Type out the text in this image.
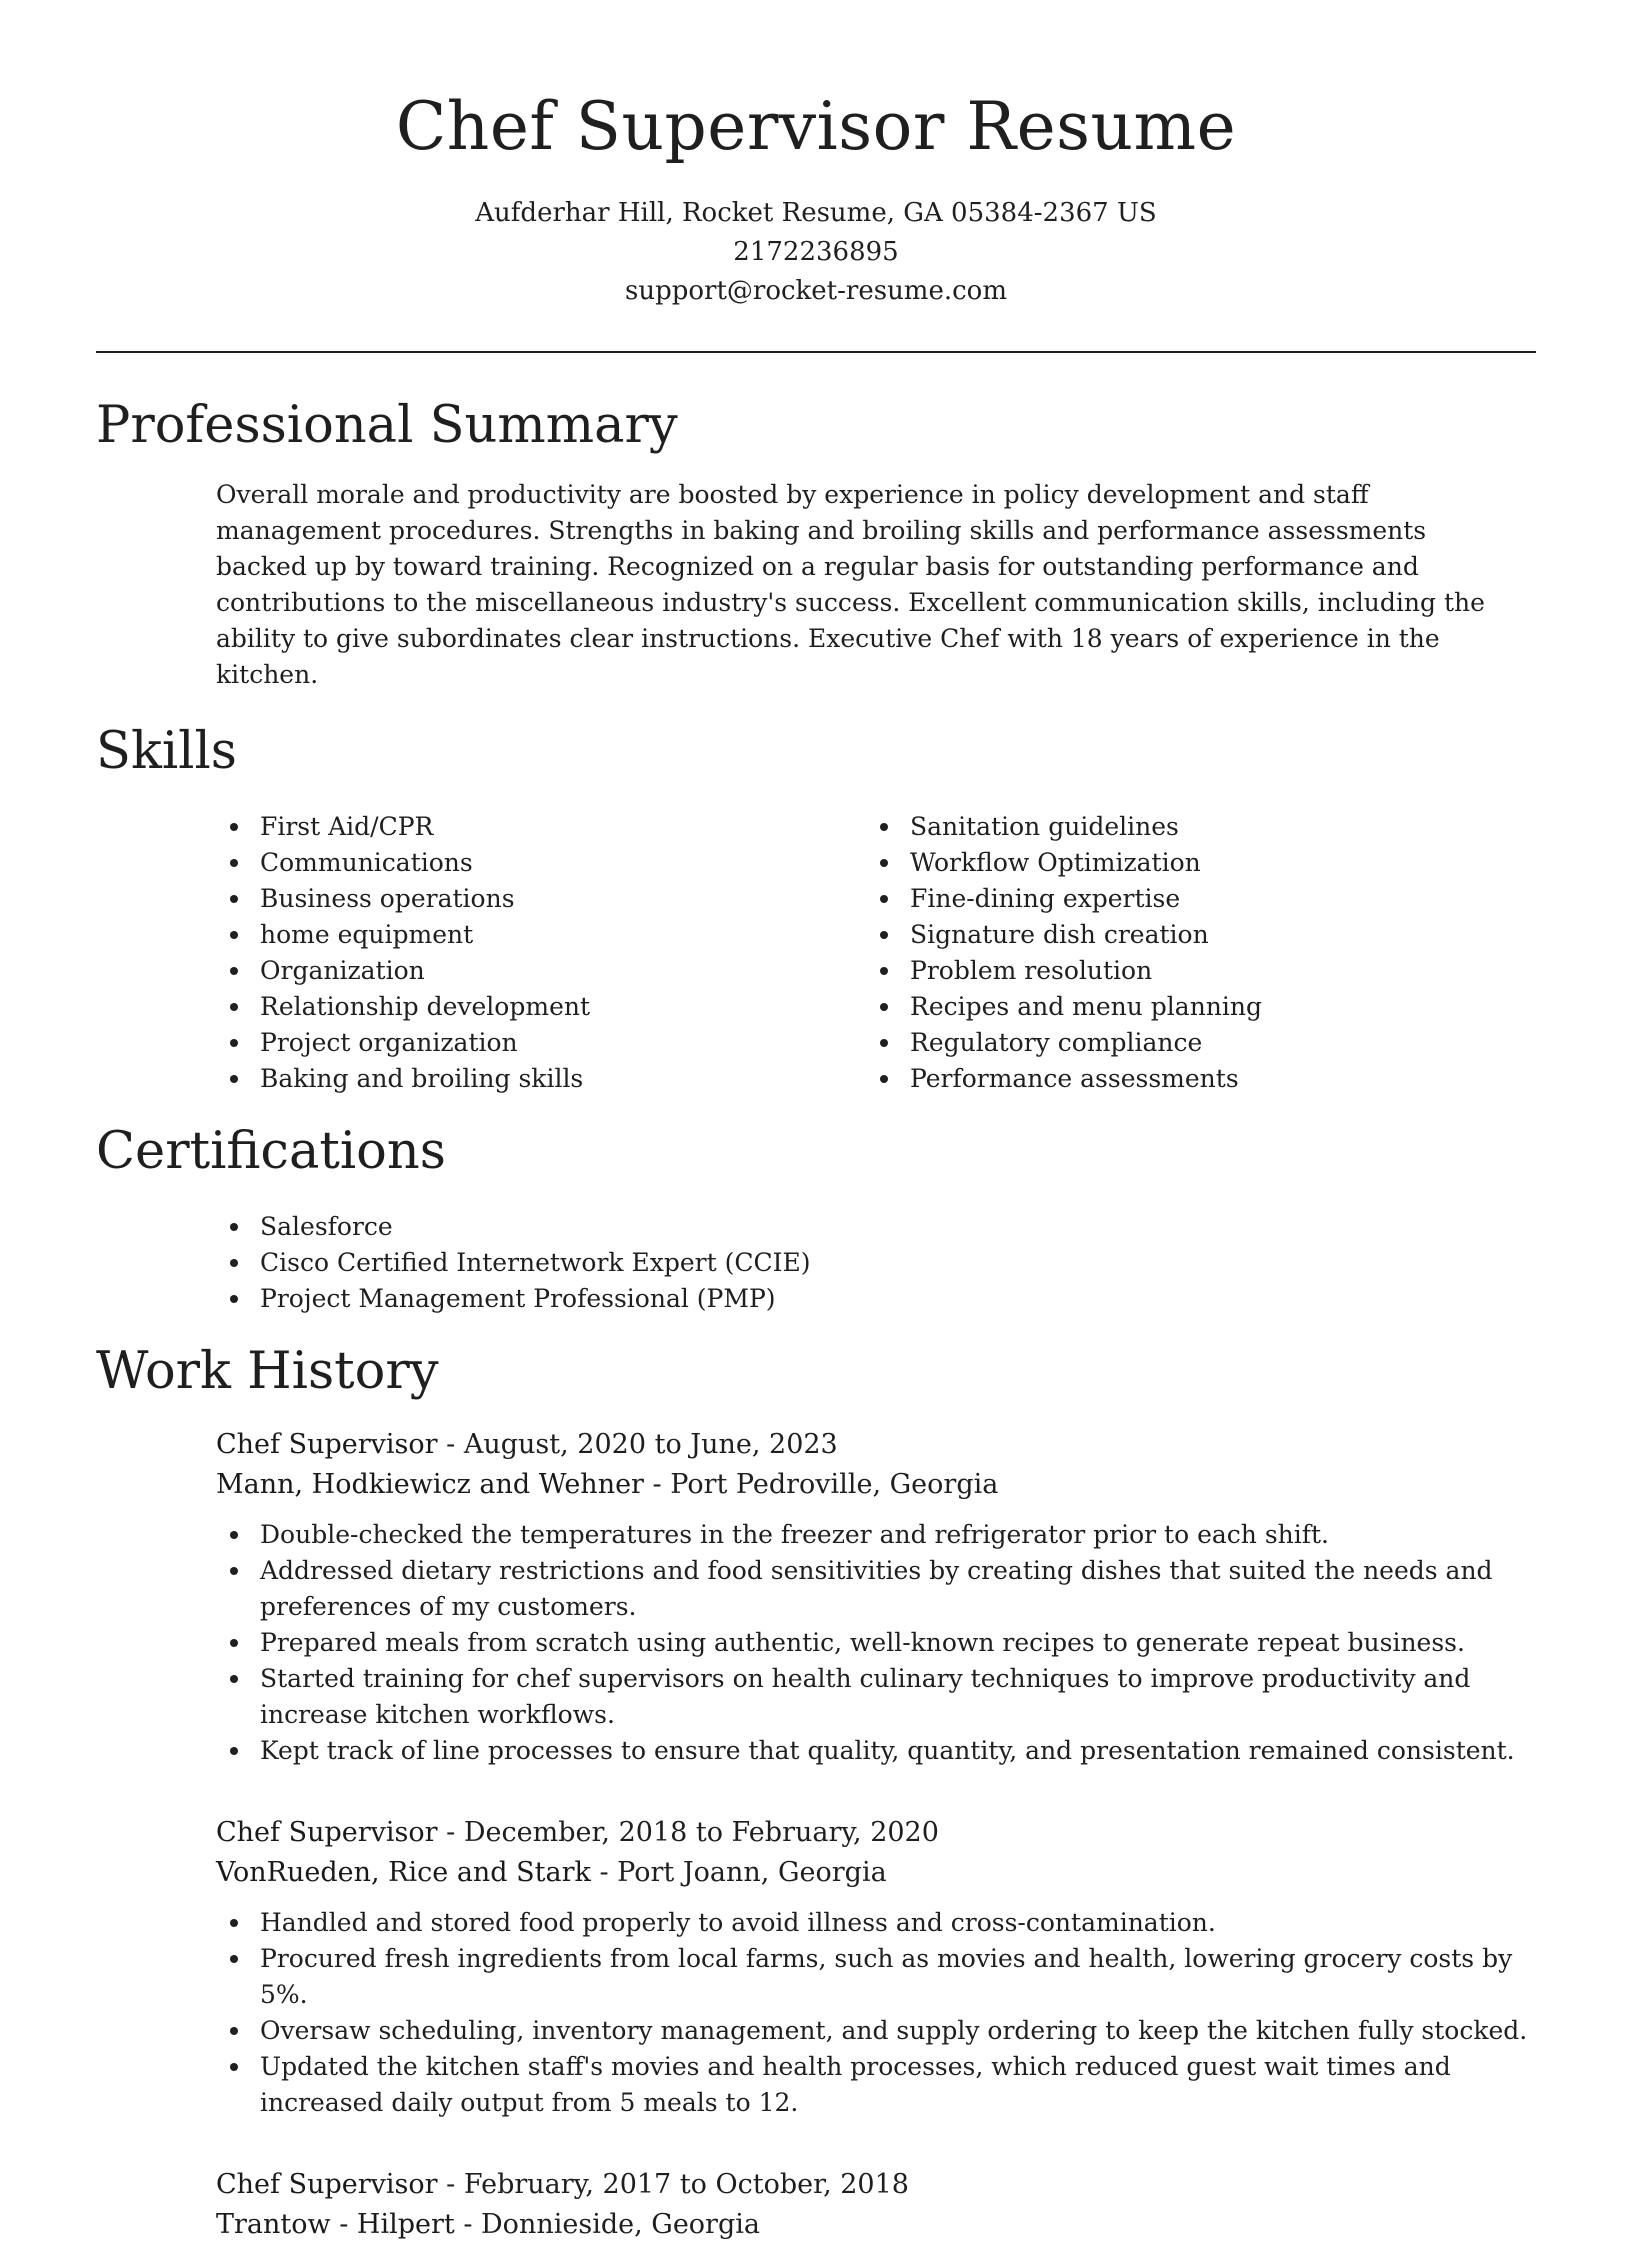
Chef Supervisor Resume
Aufderhar Hill, Rocket Resume, GA 05384-2367 US
2172236895
support@rocket-resume.com
Professional Summary

Overall morale and productivity are boosted by experience in policy development and staff management procedures. Strengths in baking and broiling skills and performance assessments backed up by toward training. Recognized on a regular basis for outstanding performance and contributions to the miscellaneous industry's success. Excellent communication skills, including the ability to give subordinates clear instructions. Executive Chef with 18 years of experience in the kitchen.

Skills
First Aid/CPR
Communications
Business operations
home equipment
Organization
Relationship development
Project organization
Baking and broiling skills
Sanitation guidelines
Workflow Optimization
Fine-dining expertise
Signature dish creation
Problem resolution
Recipes and menu planning
Regulatory compliance
Performance assessments
Certifications
Salesforce
Cisco Certified Internetwork Expert (CCIE)
Project Management Professional (PMP)
Work History
Chef Supervisor - August, 2020 to June, 2023
Mann, Hodkiewicz and Wehner - Port Pedroville, Georgia
Double-checked the temperatures in the freezer and refrigerator prior to each shift.
Addressed dietary restrictions and food sensitivities by creating dishes that suited the needs and preferences of my customers.
Prepared meals from scratch using authentic, well-known recipes to generate repeat business.
Started training for chef supervisors on health culinary techniques to improve productivity and increase kitchen workflows.
Kept track of line processes to ensure that quality, quantity, and presentation remained consistent.
Chef Supervisor - December, 2018 to February, 2020
VonRueden, Rice and Stark - Port Joann, Georgia
Handled and stored food properly to avoid illness and cross-contamination.
Procured fresh ingredients from local farms, such as movies and health, lowering grocery costs by 5%.
Oversaw scheduling, inventory management, and supply ordering to keep the kitchen fully stocked.
Updated the kitchen staff's movies and health processes, which reduced guest wait times and increased daily output from 5 meals to 12.
Chef Supervisor - February, 2017 to October, 2018
Trantow - Hilpert - Donnieside, Georgia
